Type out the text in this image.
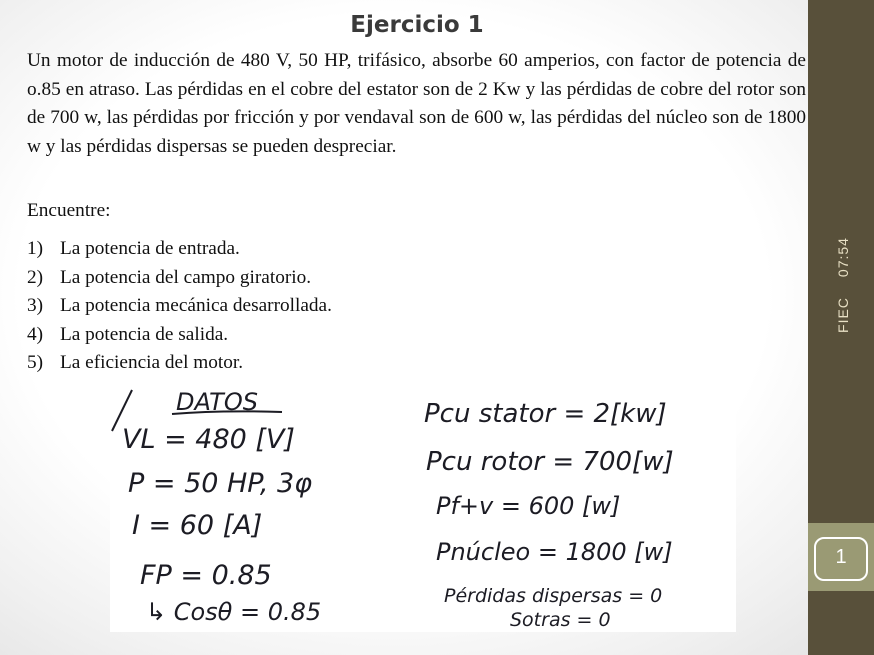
Ejercicio 1
Un motor de inducción de 480 V, 50 HP, trifásico, absorbe 60 amperios, con factor de potencia de o.85 en atraso. Las pérdidas en el cobre del estator son de 2 Kw y las pérdidas de cobre del rotor son de 700 w, las pérdidas por fricción y por vendaval son de 600 w, las pérdidas del núcleo son de 1800 w y las pérdidas dispersas se pueden despreciar.
Encuentre:
1) La potencia de entrada.
2) La potencia del campo giratorio.
3) La potencia mecánica desarrollada.
4) La potencia de salida.
5) La eficiencia del motor.
DATOS
VL = 480 [V]
P = 50 HP, 3φ
I = 60 [A]
FP = 0.85
↳ Cosθ = 0.85
Pcu stator = 2[kw]
Pcu rotor = 700[w]
Pf+v = 600 [w]
Pnúcleo = 1800 [w]
Pérdidas dispersas = 0
Sotras = 0
FIEC07:54
1
